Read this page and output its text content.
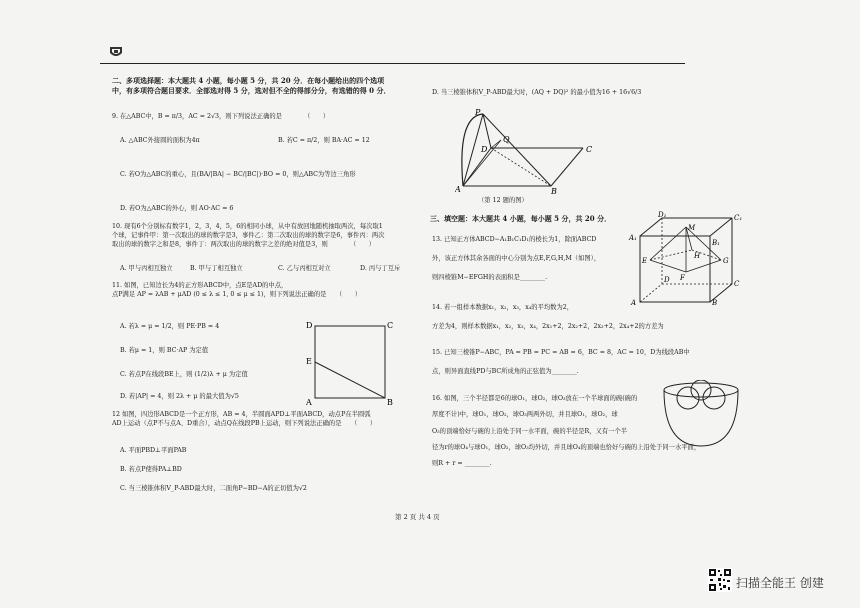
二、多项选择题：本大题共 4 小题，每小题 5 分，共 20 分．在每小题给出的四个选项
中，有多项符合题目要求．全部选对得 5 分，选对但不全的得部分分，有选错的得 0 分．
9. 在△ABC中，B = π/3，AC = 2√3，则下列说法正确的是　　　　（　　）
A. △ABC外接圆的面积为4π	B. 若C = π/2，则 BA·AC = 12
C. 若O为△ABC的重心，且(BA/|BA| − BC/|BC|)·BO = 0，则△ABC为等边三角形
D. 若O为△ABC的外心，则 AO·AC = 6
10. 现有6个分别标有数字1，2，3，4，5，6的相同小球，从中有放回地随机抽取两次，每次取1
个球，记事件甲：第一次取出的球的数字是3，事件乙：第二次取出的球的数字是6，事件丙：两次
取出的球的数字之和是8，事件丁：两次取出的球的数字之差的绝对值是3，则　　　　（　　）
A. 甲与丙相互独立	B. 甲与丁相互独立	C. 乙与丙相互对立	D. 丙与丁互斥
11. 如图，已知边长为4的正方形ABCD中，点E是AD的中点，
点P满足 AP = λAB + μAD (0 ≤ λ ≤ 1, 0 ≤ μ ≤ 1)，则下列说法正确的是　　（　　）
A. 若λ = μ = 1/2，则 PE·PB = 4
B. 若μ = 1，则 BC·AP 为定值
C. 若点P在线段BE上，则 (1/2)λ + μ 为定值
D. 若|AP| = 4，则 2λ + μ 的最大值为√5
D	C
E
A	B
12 如图，四边形ABCD是一个正方形，AB = 4，半圆面APD⊥平面ABCD，动点P在半圆弧
AD上运动（点P不与点A、D重合），动点Q在线段PB上运动，则下列说法正确的是　　（　　）
A. 平面PBD⊥平面PAB
B. 若点P使得PA⊥BD
C. 当三棱锥体积V_P-ABD最大时，二面角P−BD−A的正切值为√2
D. 当三棱锥体积V_P-ABD最大时，(AQ + DQ)² 的最小值为16 + 16√6/3
P
Q
D	C
A	B
（第 12 题的图）
三、填空题：本大题共 4 小题，每小题 5 分，共 20 分．
13. 已知正方体ABCD−A₁B₁C₁D₁的棱长为1，除面ABCD
外，该正方体其余各面的中心分别为点E,F,G,H,M（如图），
则四棱锥M−EFGH的表面积是________.
D₁	C₁
A₁
M
B₁
E	G
H
F
D	C
A	B
14. 若一组样本数据x₁，x₂，x₃，x₄的平均数为2，
方差为4，则样本数据x₁，x₂，x₃，x₄，2x₁+2，2x₂+2，2x₃+2，2x₄+2的方差为
15. 已知三棱锥P−ABC，PA = PB = PC = AB = 6，BC = 8，AC = 10，D为线段AB中
点，则异面直线PD与BC所成角的正弦值为________.
16. 如图，三个半径都是6的球O₁，球O₂，球O₃放在一个半球面的碗(碗的
厚度不计)中，球O₁，球O₂，球O₃两两外切，并且球O₁，球O₂，球
O₃的顶端恰好与碗的上沿处于同一水平面，碗的半径是R，又有一个半
径为r的球O₄与球O₁，球O₂，球O₃均外切，并且球O₄的顶端也恰好与碗的上沿处于同一水平面，
则R + r = ________.
第 2 页 共 4 页
扫描全能王 创建
